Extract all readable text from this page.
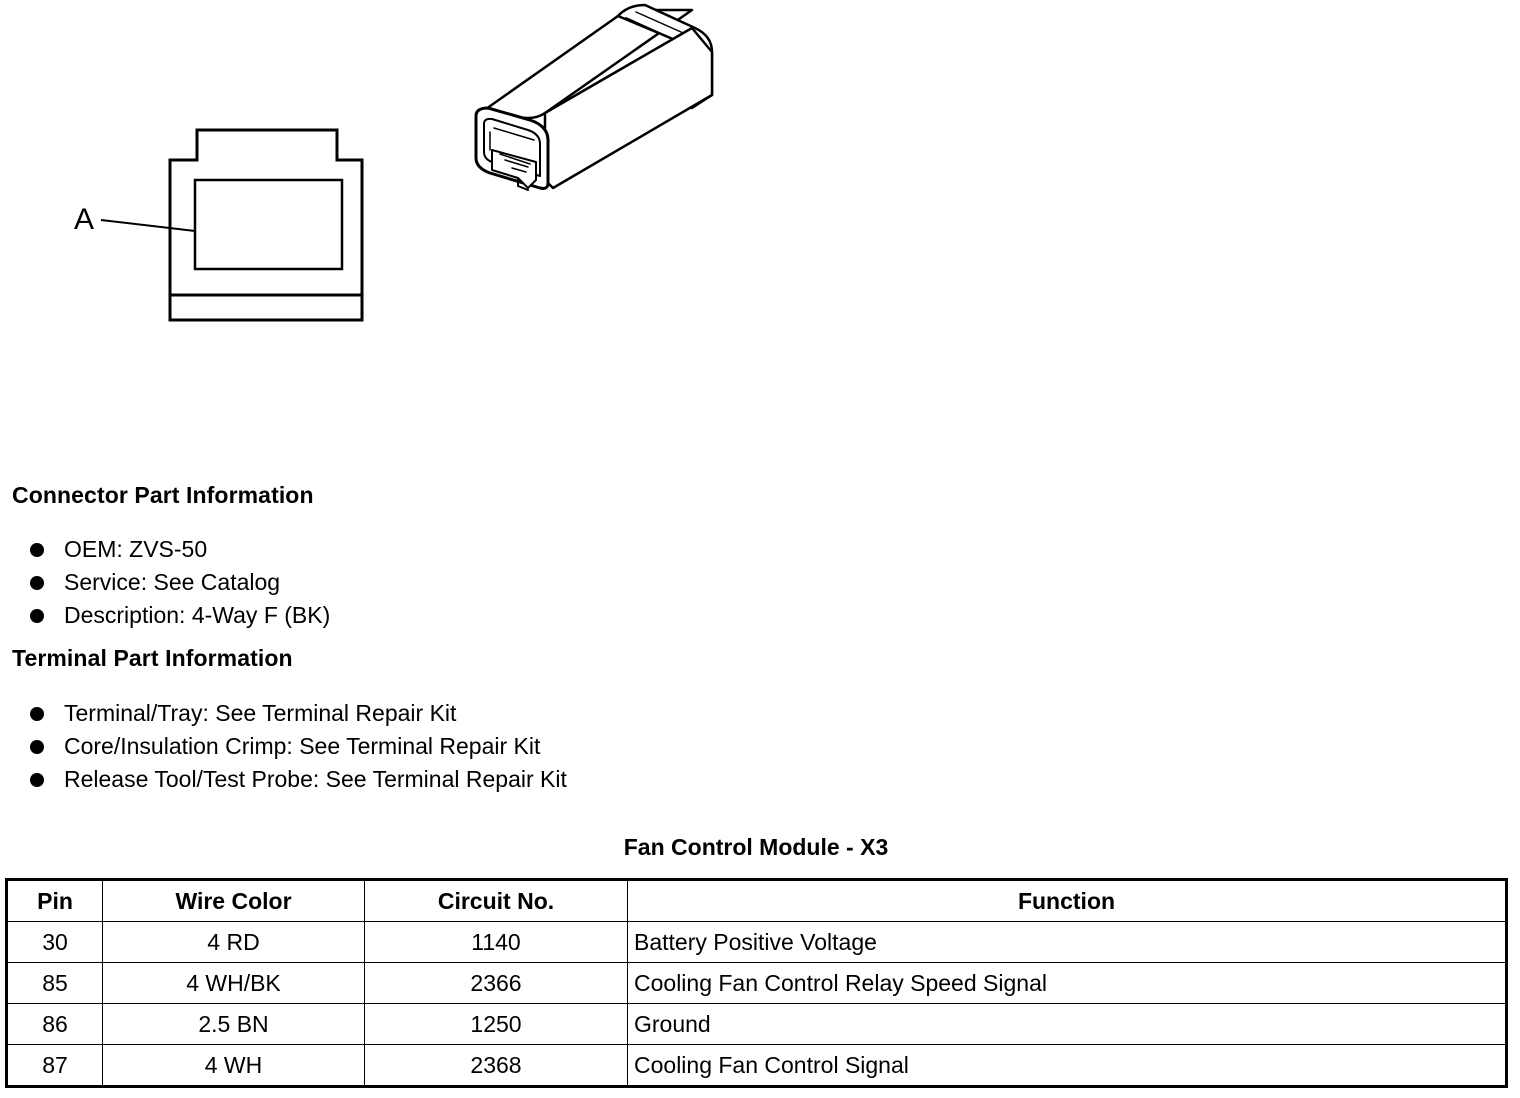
A
Connector Part Information
OEM: ZVS-50
Service: See Catalog
Description: 4-Way F (BK)
Terminal Part Information
Terminal/Tray: See Terminal Repair Kit
Core/Insulation Crimp: See Terminal Repair Kit
Release Tool/Test Probe: See Terminal Repair Kit
Fan Control Module - X3
Pin	Wire Color	Circuit No.	Function
30	4 RD	1140	Battery Positive Voltage
85	4 WH/BK	2366	Cooling Fan Control Relay Speed Signal
86	2.5 BN	1250	Ground
87	4 WH	2368	Cooling Fan Control Signal
